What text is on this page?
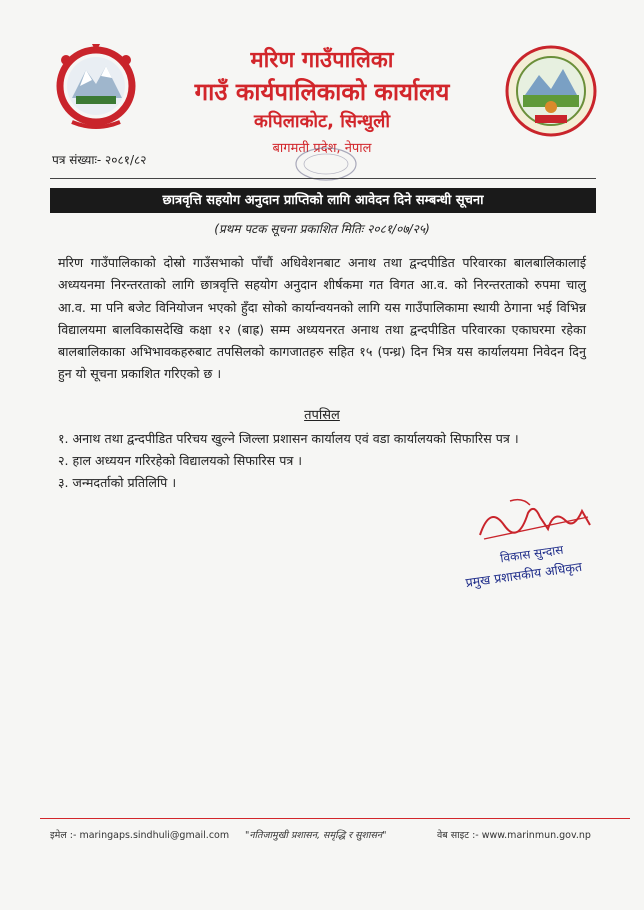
मरिण गाउँपालिका
गाउँ कार्यपालिकाको कार्यालय
कपिलाकोट, सिन्धुली
बागमती प्रदेश, नेपाल
पत्र संख्याः- २०८१/८२
छात्रवृत्ति सहयोग अनुदान प्राप्तिको लागि आवेदन दिने सम्बन्धी सूचना
(प्रथम पटक सूचना प्रकाशित मितिः २०८१/०७/२५)
मरिण गाउँपालिकाको दोस्रो गाउँसभाको पाँचौं अधिवेशनबाट अनाथ तथा द्वन्दपीडित परिवारका बालबालिकालाई अध्ययनमा निरन्तरताको लागि छात्रवृत्ति सहयोग अनुदान शीर्षकमा गत विगत आ.व. को निरन्तरताको रुपमा चालु आ.व. मा पनि बजेट विनियोजन भएको हुँदा सोको कार्यान्वयनको लागि यस गाउँपालिकामा स्थायी ठेगाना भई विभिन्न विद्यालयमा बालविकासदेखि कक्षा १२ (बाह्र) सम्म अध्ययनरत अनाथ तथा द्वन्दपीडित परिवारका एकाघरमा रहेका बालबालिकाका अभिभावकहरुबाट तपसिलको कागजातहरु सहित १५ (पन्ध्र) दिन भित्र यस कार्यालयमा निवेदन दिनु हुन यो सूचना प्रकाशित गरिएको छ ।
तपसिल
१. अनाथ तथा द्वन्दपीडित परिचय खुल्ने जिल्ला प्रशासन कार्यालय एवं वडा कार्यालयको सिफारिस पत्र ।
२. हाल अध्ययन गरिरहेको विद्यालयको सिफारिस पत्र ।
३. जन्मदर्ताको प्रतिलिपि ।
विकास सुन्दास
प्रमुख प्रशासकीय अधिकृत
इमेल :- maringaps.sindhuli@gmail.com "नतिजामुखी प्रशासन, समृद्धि र सुशासन"	वेब साइट :- www.marinmun.gov.np
